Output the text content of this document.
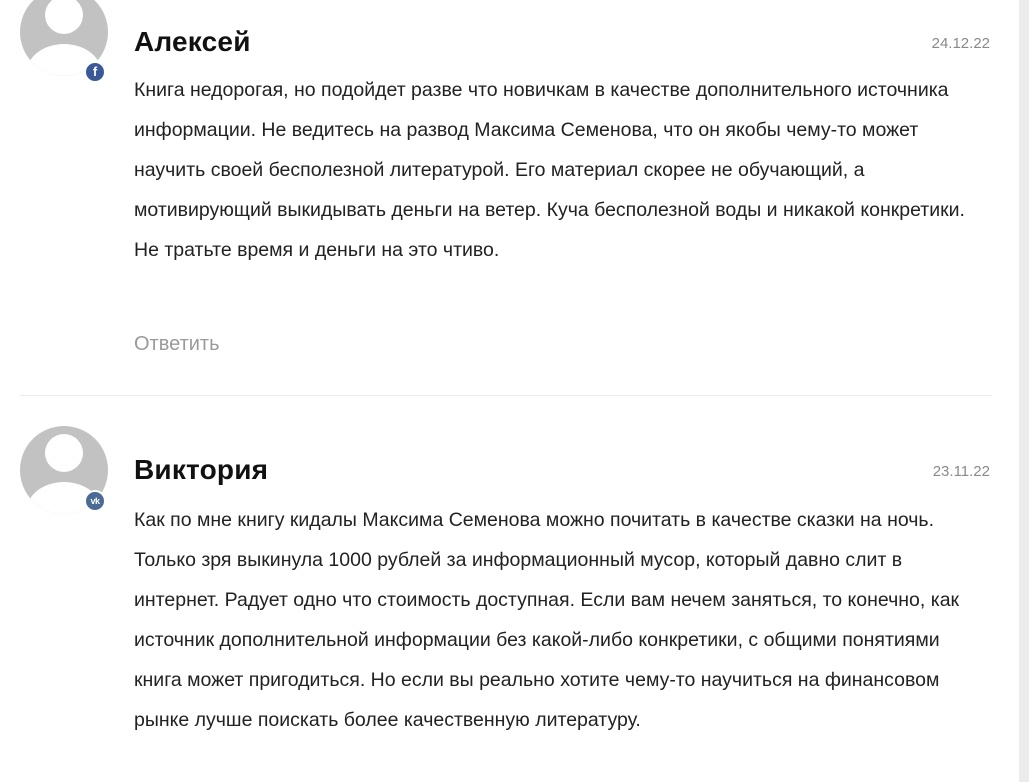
f
Алексей	24.12.22

Книга недорогая, но подойдет разве что новичкам в качестве дополнительного источника информации. Не ведитесь на развод Максима Семенова, что он якобы чему-то может научить своей бесполезной литературой. Его материал скорее не обучающий, а мотивирующий выкидывать деньги на ветер. Куча бесполезной воды и никакой конкретики. Не тратьте время и деньги на это чтиво.

Ответить
vk
Виктория	23.11.22

Как по мне книгу кидалы Максима Семенова можно почитать в качестве сказки на ночь. Только зря выкинула 1000 рублей за информационный мусор, который давно слит в интернет. Радует одно что стоимость доступная. Если вам нечем заняться, то конечно, как источник дополнительной информации без какой-либо конкретики, с общими понятиями книга может пригодиться. Но если вы реально хотите чему-то научиться на финансовом рынке лучше поискать более качественную литературу.
